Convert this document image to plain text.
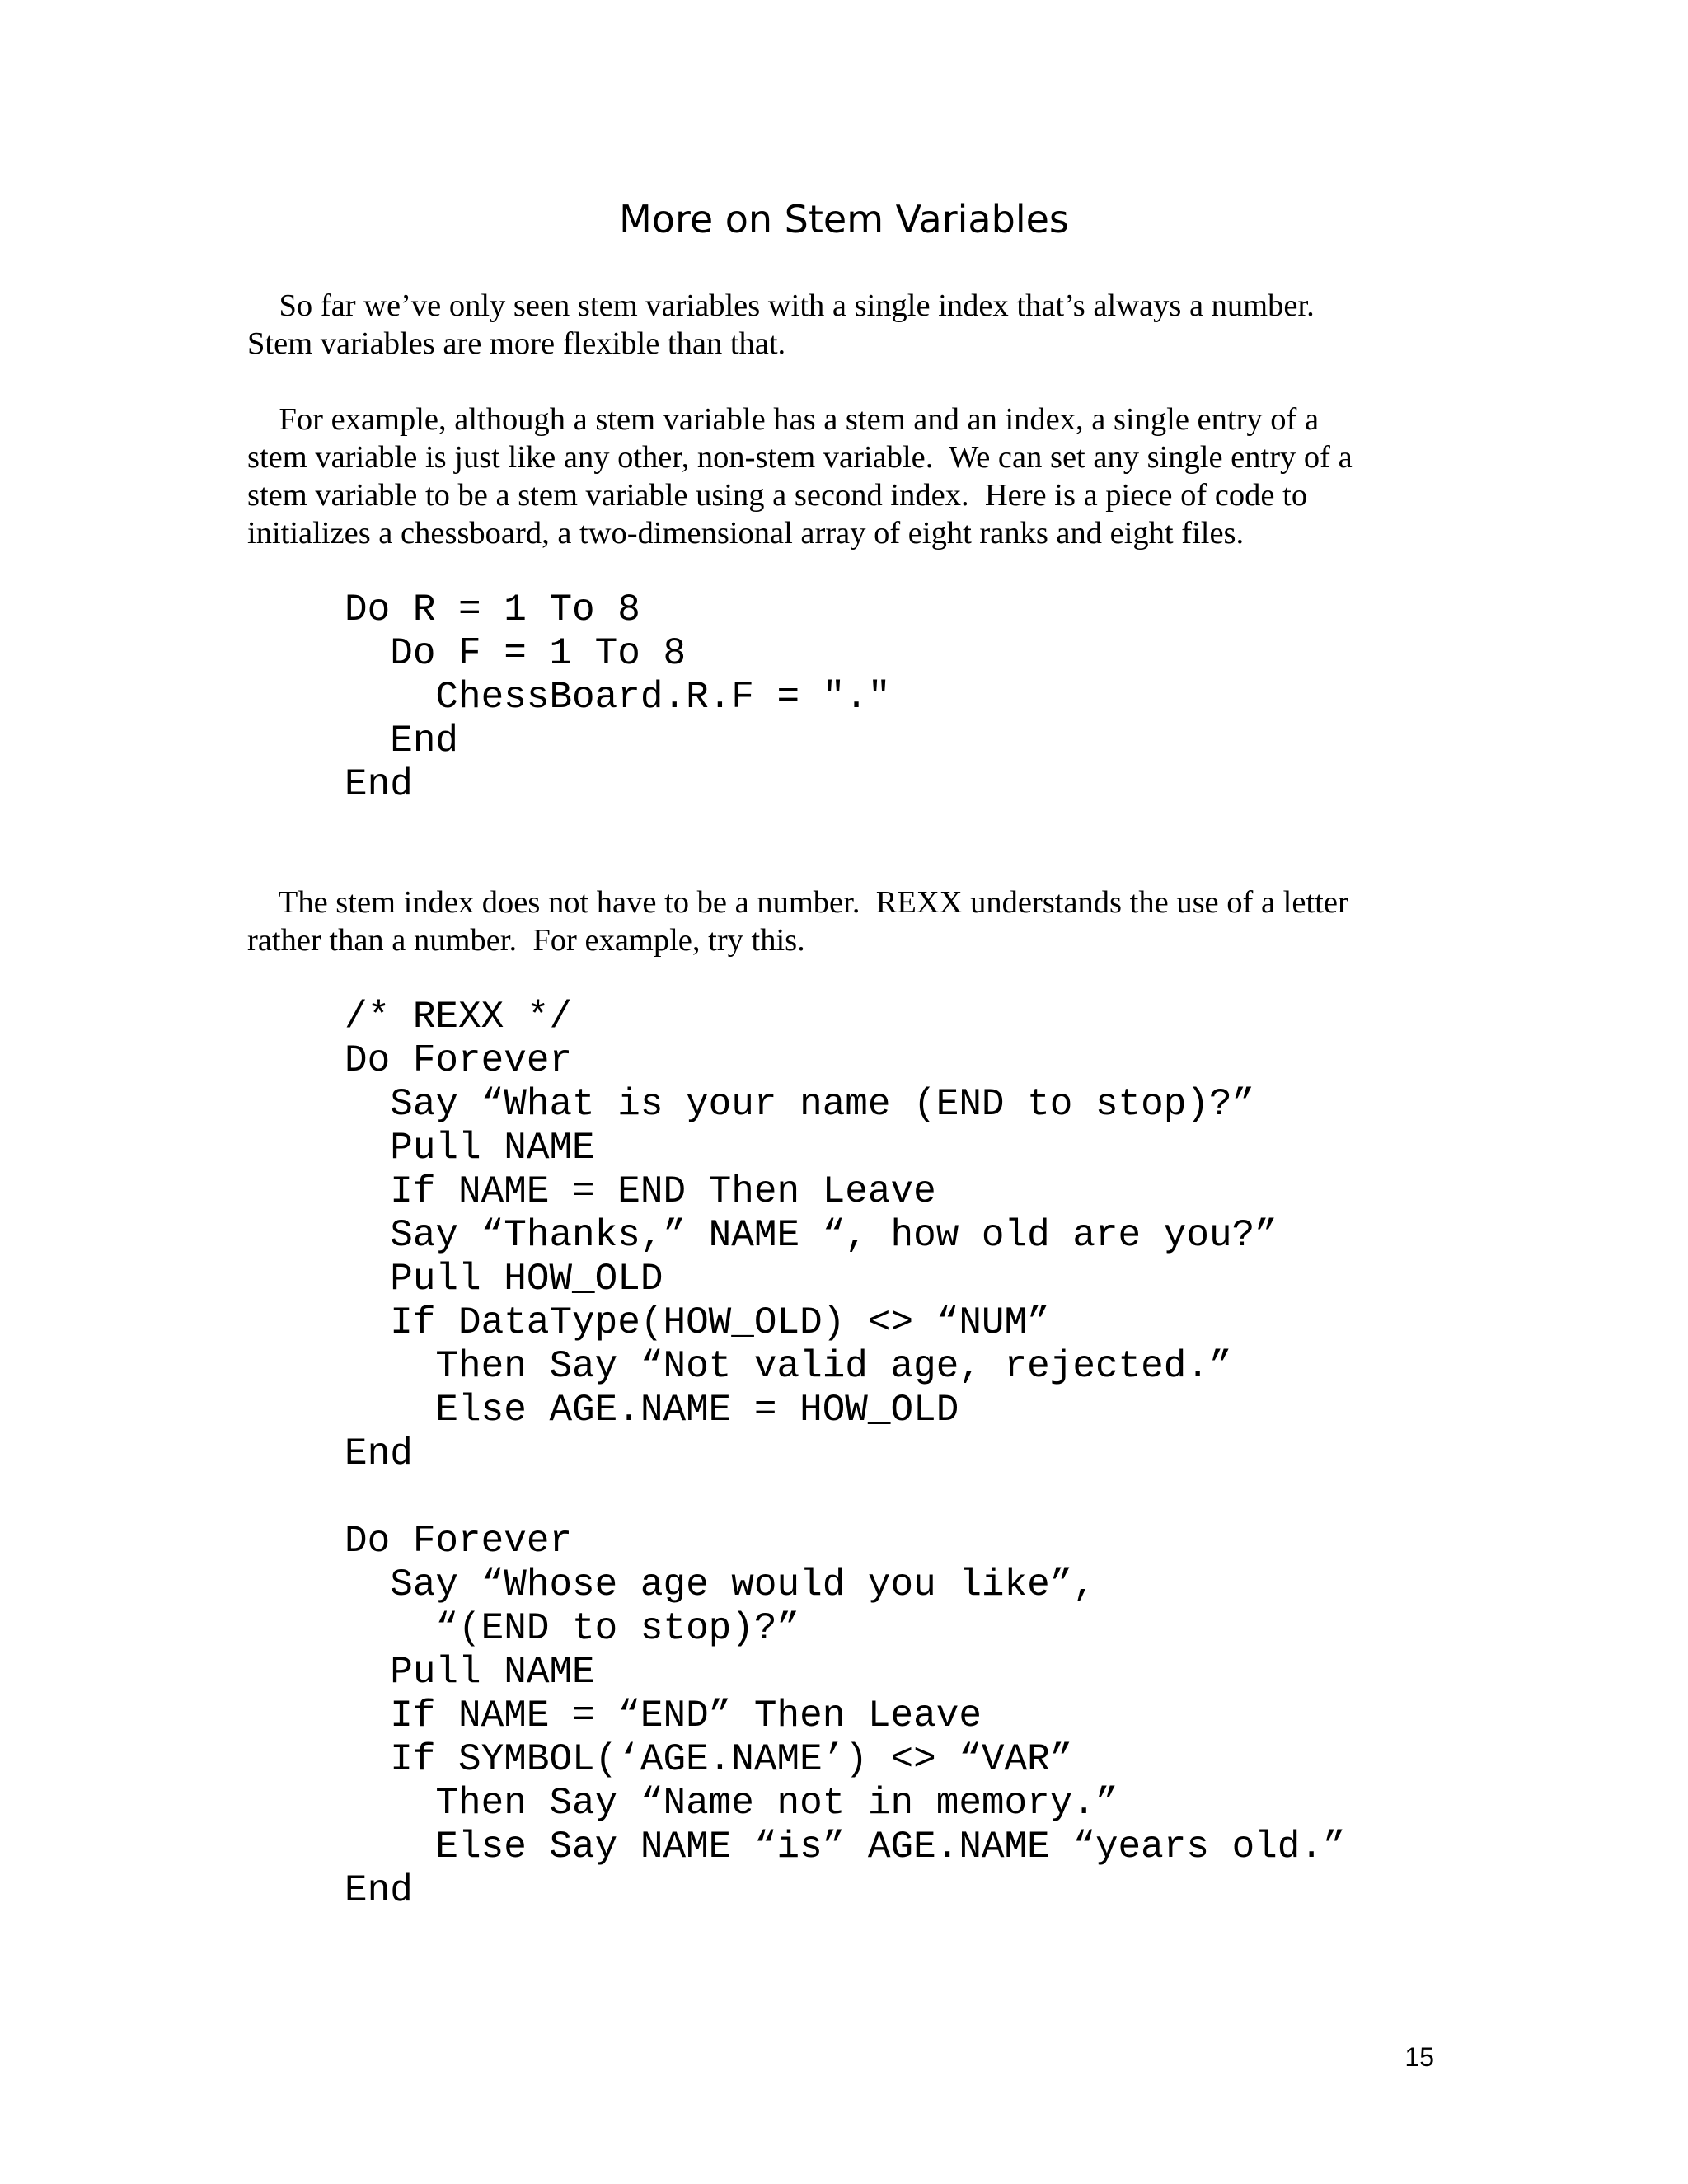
More on Stem Variables

So far we’ve only seen stem variables with a single index that’s always a number.
Stem variables are more flexible than that.

For example, although a stem variable has a stem and an index, a single entry of a
stem variable is just like any other, non-stem variable.  We can set any single entry of a
stem variable to be a stem variable using a second index.  Here is a piece of code to
initializes a chessboard, a two-dimensional array of eight ranks and eight files.

Do R = 1 To 8
Do F = 1 To 8
ChessBoard.R.F = "."
End
End

The stem index does not have to be a number.  REXX understands the use of a letter
rather than a number.  For example, try this.

/* REXX */
Do Forever
Say “What is your name (END to stop)?”
Pull NAME
If NAME = END Then Leave
Say “Thanks,” NAME “, how old are you?”
Pull HOW_OLD
If DataType(HOW_OLD) <> “NUM”
Then Say “Not valid age, rejected.”
Else AGE.NAME = HOW_OLD
End
Do Forever
Say “Whose age would you like”,
“(END to stop)?”
Pull NAME
If NAME = “END” Then Leave
If SYMBOL(‘AGE.NAME’) <> “VAR”
Then Say “Name not in memory.”
Else Say NAME “is” AGE.NAME “years old.”
End
15
